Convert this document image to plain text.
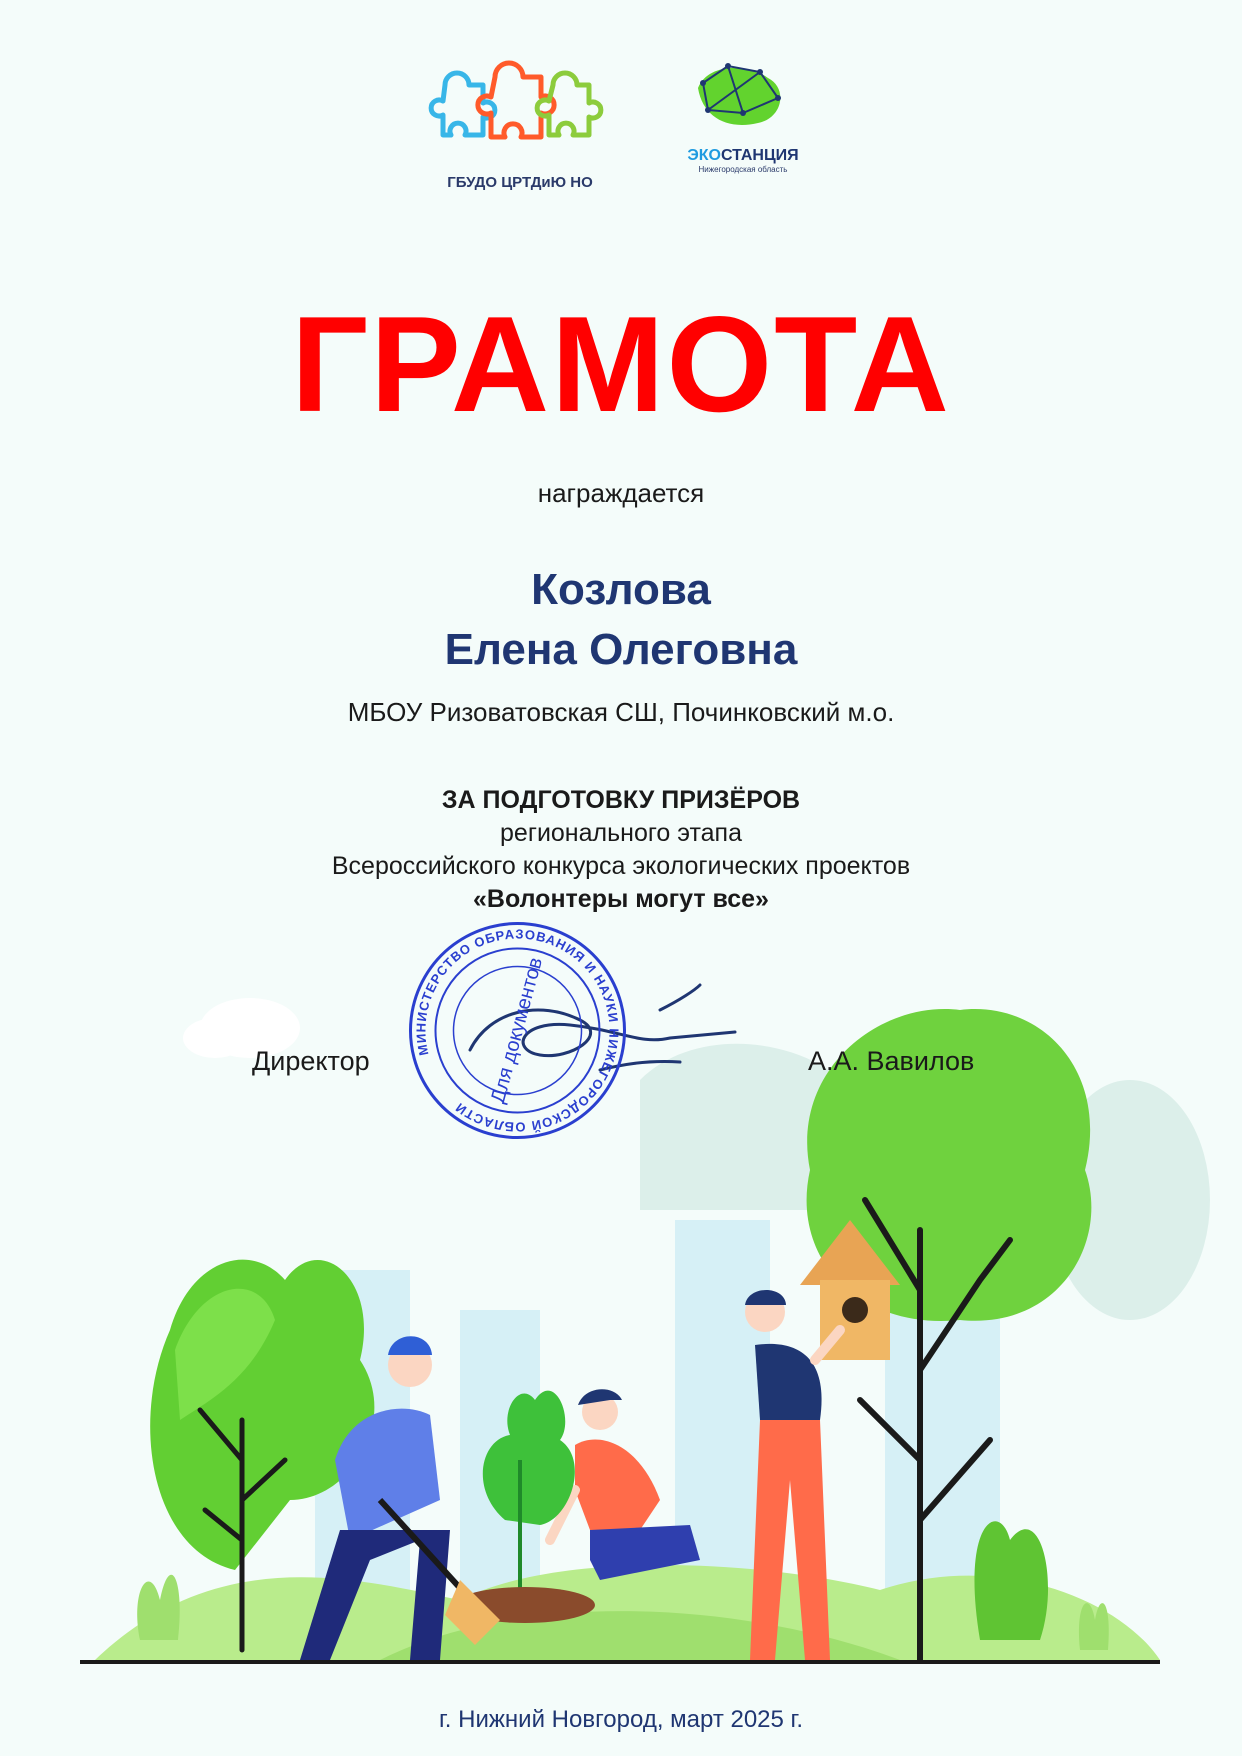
ГБУДО ЦРТДиЮ НО
ЭКОСТАНЦИЯ
Нижегородская область
ГРАМОТА
награждается
Козлова
Елена Олеговна
МБОУ Ризоватовская СШ, Починковский м.о.
ЗА ПОДГОТОВКУ ПРИЗЁРОВ
регионального этапа
Всероссийского конкурса экологических проектов
«Волонтеры могут все»
Директор	А.А. Вавилов
МИНИСТЕРСТВО ОБРАЗОВАНИЯ И НАУКИ НИЖЕГОРОДСКОЙ ОБЛАСТИ
Для документов
г. Нижний Новгород, март 2025 г.
